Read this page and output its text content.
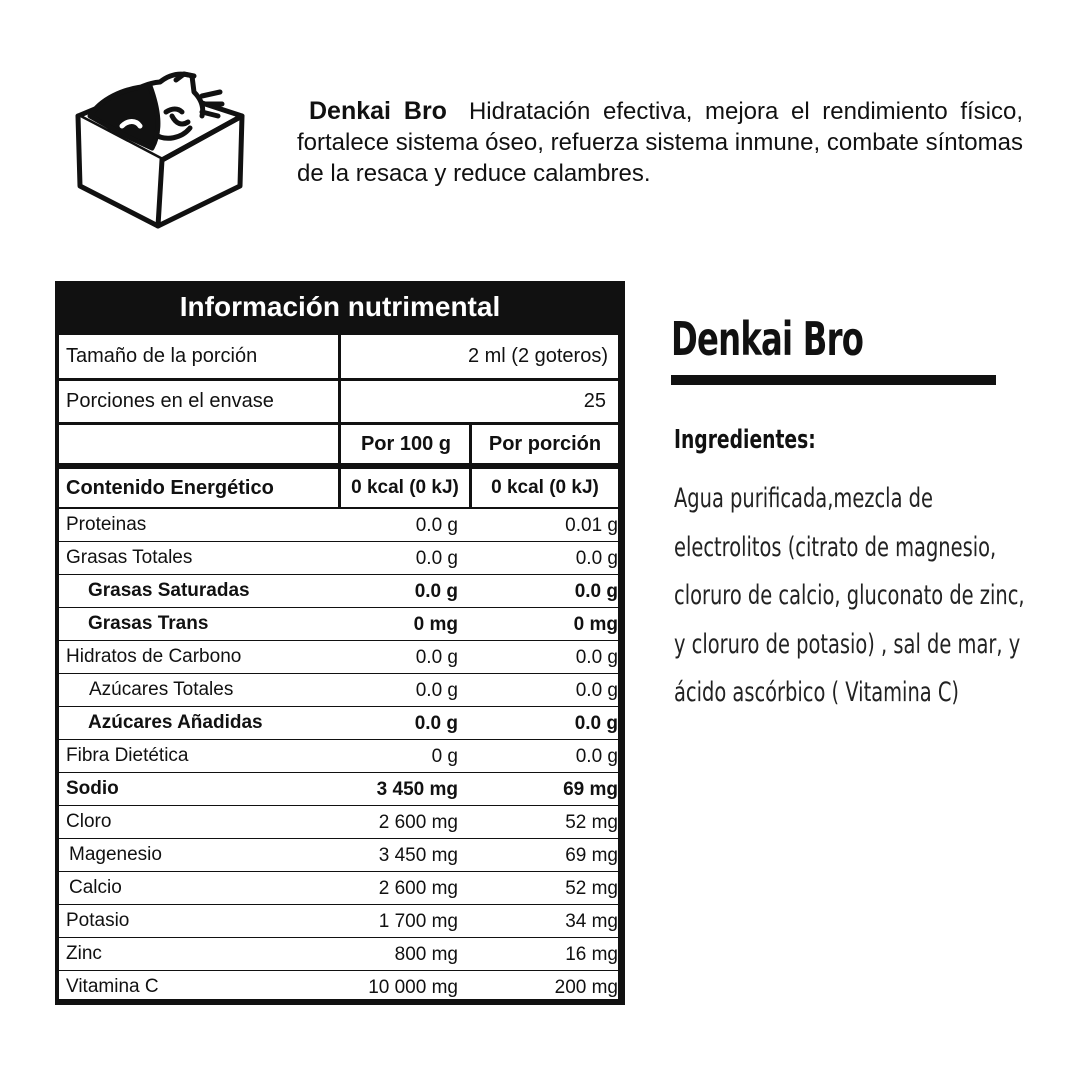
Denkai Bro Hidratación efectiva, mejora el rendimiento físico, fortalece sistema óseo, refuerza sistema inmune, combate síntomas de la resaca y reduce calambres.
Información nutrimental
Tamaño de la porción	2 ml (2 goteros)
Porciones en el envase	25
Por 100 g	Por porción
Contenido Energético	0 kcal (0 kJ)	0 kcal (0 kJ)
Proteinas	0.0 g	0.01 g
Grasas Totales	0.0 g	0.0 g
Grasas Saturadas	0.0 g	0.0 g
Grasas Trans	0 mg	0 mg
Hidratos de Carbono	0.0 g	0.0 g
Azúcares Totales	0.0 g	0.0 g
Azúcares Añadidas	0.0 g	0.0 g
Fibra Dietética	0 g	0.0 g
Sodio	3 450 mg	69 mg
Cloro	2 600 mg	52 mg
Magenesio	3 450 mg	69 mg
Calcio	2 600 mg	52 mg
Potasio	1 700 mg	34 mg
Zinc	800 mg	16 mg
Vitamina C	10 000 mg	200 mg
Denkai Bro
Ingredientes:
Agua purificada,mezcla de
electrolitos (citrato de magnesio,
cloruro de calcio, gluconato de zinc,
y cloruro de potasio) , sal de mar, y
ácido ascórbico ( Vitamina C)
